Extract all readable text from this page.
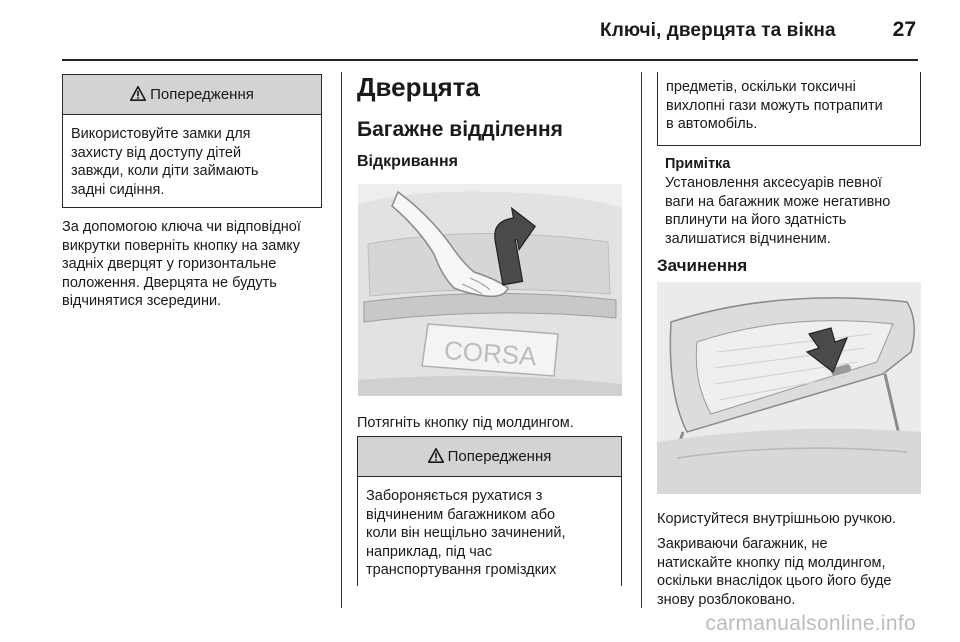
Ключі, дверцята та вікна	27
Попередження
Використовуйте замки для
захисту від доступу дітей
завжди, коли діти займають
задні сидіння.
За допомогою ключа чи відповідної
викрутки поверніть кнопку на замку
задніх дверцят у горизонтальне
положення. Дверцята не будуть
відчинятися зсередини.
Дверцята
Багажне відділення
Відкривання
CORSA
Потягніть кнопку під молдингом.
Попередження
Забороняється рухатися з
відчиненим багажником або
коли він нещільно зачинений,
наприклад, під час
транспортування громіздких
предметів, оскільки токсичні
вихлопні гази можуть потрапити
в автомобіль.
Примітка
Установлення аксесуарів певної
ваги на багажник може негативно
вплинути на його здатність
залишатися відчиненим.
Зачинення
Користуйтеся внутрішньою ручкою.
Закриваючи багажник, не
натискайте кнопку під молдингом,
оскільки внаслідок цього його буде
знову розблоковано.
carmanualsonline.info
